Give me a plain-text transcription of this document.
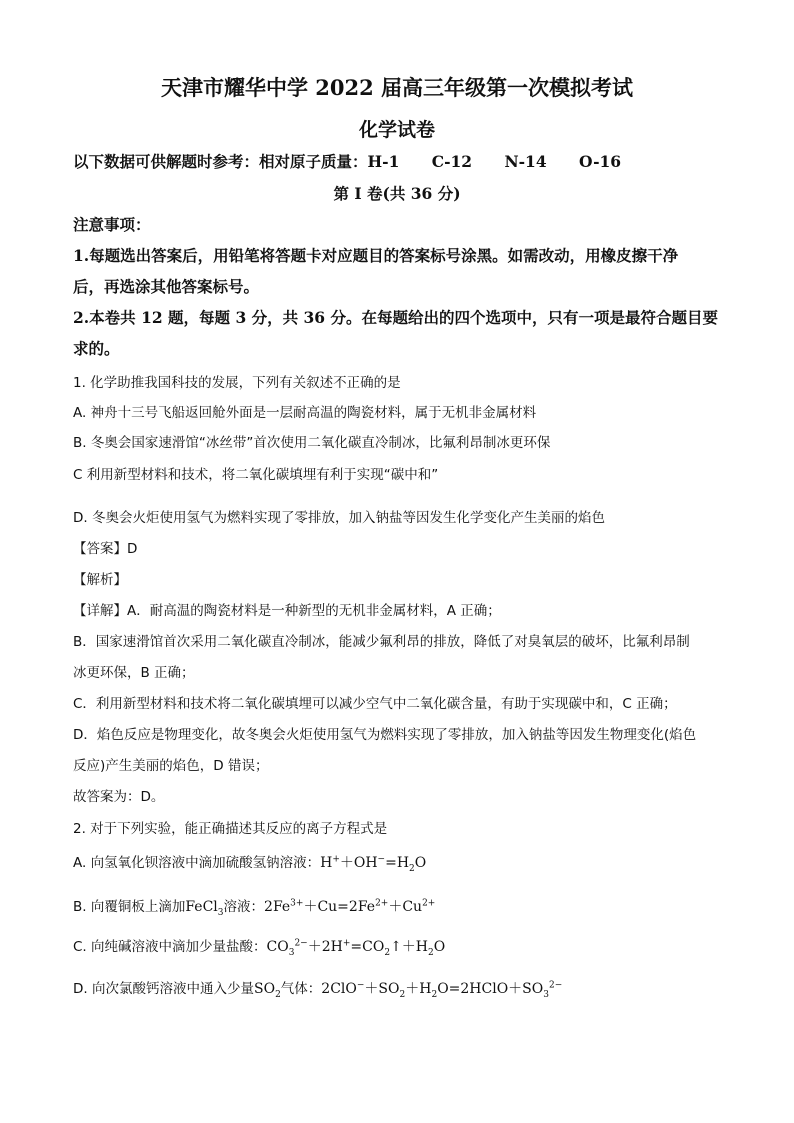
天津市耀华中学 2022 届高三年级第一次模拟考试
化学试卷
以下数据可供解题时参考：相对原子质量：H-1      C-12      N-14      O-16
第 I 卷(共 36 分)
注意事项：
1.每题选出答案后，用铅笔将答题卡对应题目的答案标号涂黑。如需改动，用橡皮擦干净
后，再选涂其他答案标号。
2.本卷共 12 题，每题 3 分，共 36 分。在每题给出的四个选项中，只有一项是最符合题目要
求的。
1. 化学助推我国科技的发展，下列有关叙述不正确的是
A. 神舟十三号飞船返回舱外面是一层耐高温的陶瓷材料，属于无机非金属材料
B. 冬奥会国家速滑馆“冰丝带”首次使用二氧化碳直冷制冰，比氟利昂制冰更环保
C 利用新型材料和技术，将二氧化碳填埋有利于实现“碳中和”
D. 冬奥会火炬使用氢气为燃料实现了零排放，加入钠盐等因发生化学变化产生美丽的焰色
【答案】D
【解析】
【详解】A．耐高温的陶瓷材料是一种新型的无机非金属材料，A 正确；
B．国家速滑馆首次采用二氧化碳直冷制冰，能减少氟利昂的排放，降低了对臭氧层的破坏，比氟利昂制
冰更环保，B 正确；
C．利用新型材料和技术将二氧化碳填埋可以减少空气中二氧化碳含量，有助于实现碳中和，C 正确；
D．焰色反应是物理变化，故冬奥会火炬使用氢气为燃料实现了零排放，加入钠盐等因发生物理变化(焰色
反应)产生美丽的焰色，D 错误；
故答案为：D。
2. 对于下列实验，能正确描述其反应的离子方程式是
A. 向氢氧化钡溶液中滴加硫酸氢钠溶液：$H^++OH^-=H_2O$
B. 向覆铜板上滴加FeCl$_3$溶液：$2Fe^{3+}+Cu=2Fe^{2+}+Cu^{2+}$
C. 向纯碱溶液中滴加少量盐酸：$CO_3^{2-}+2H^+=CO_2↑+H_2O$
D. 向次氯酸钙溶液中通入少量$SO_2$气体：$2ClO^-+SO_2+H_2O=2HClO+SO_3^{2-}$
